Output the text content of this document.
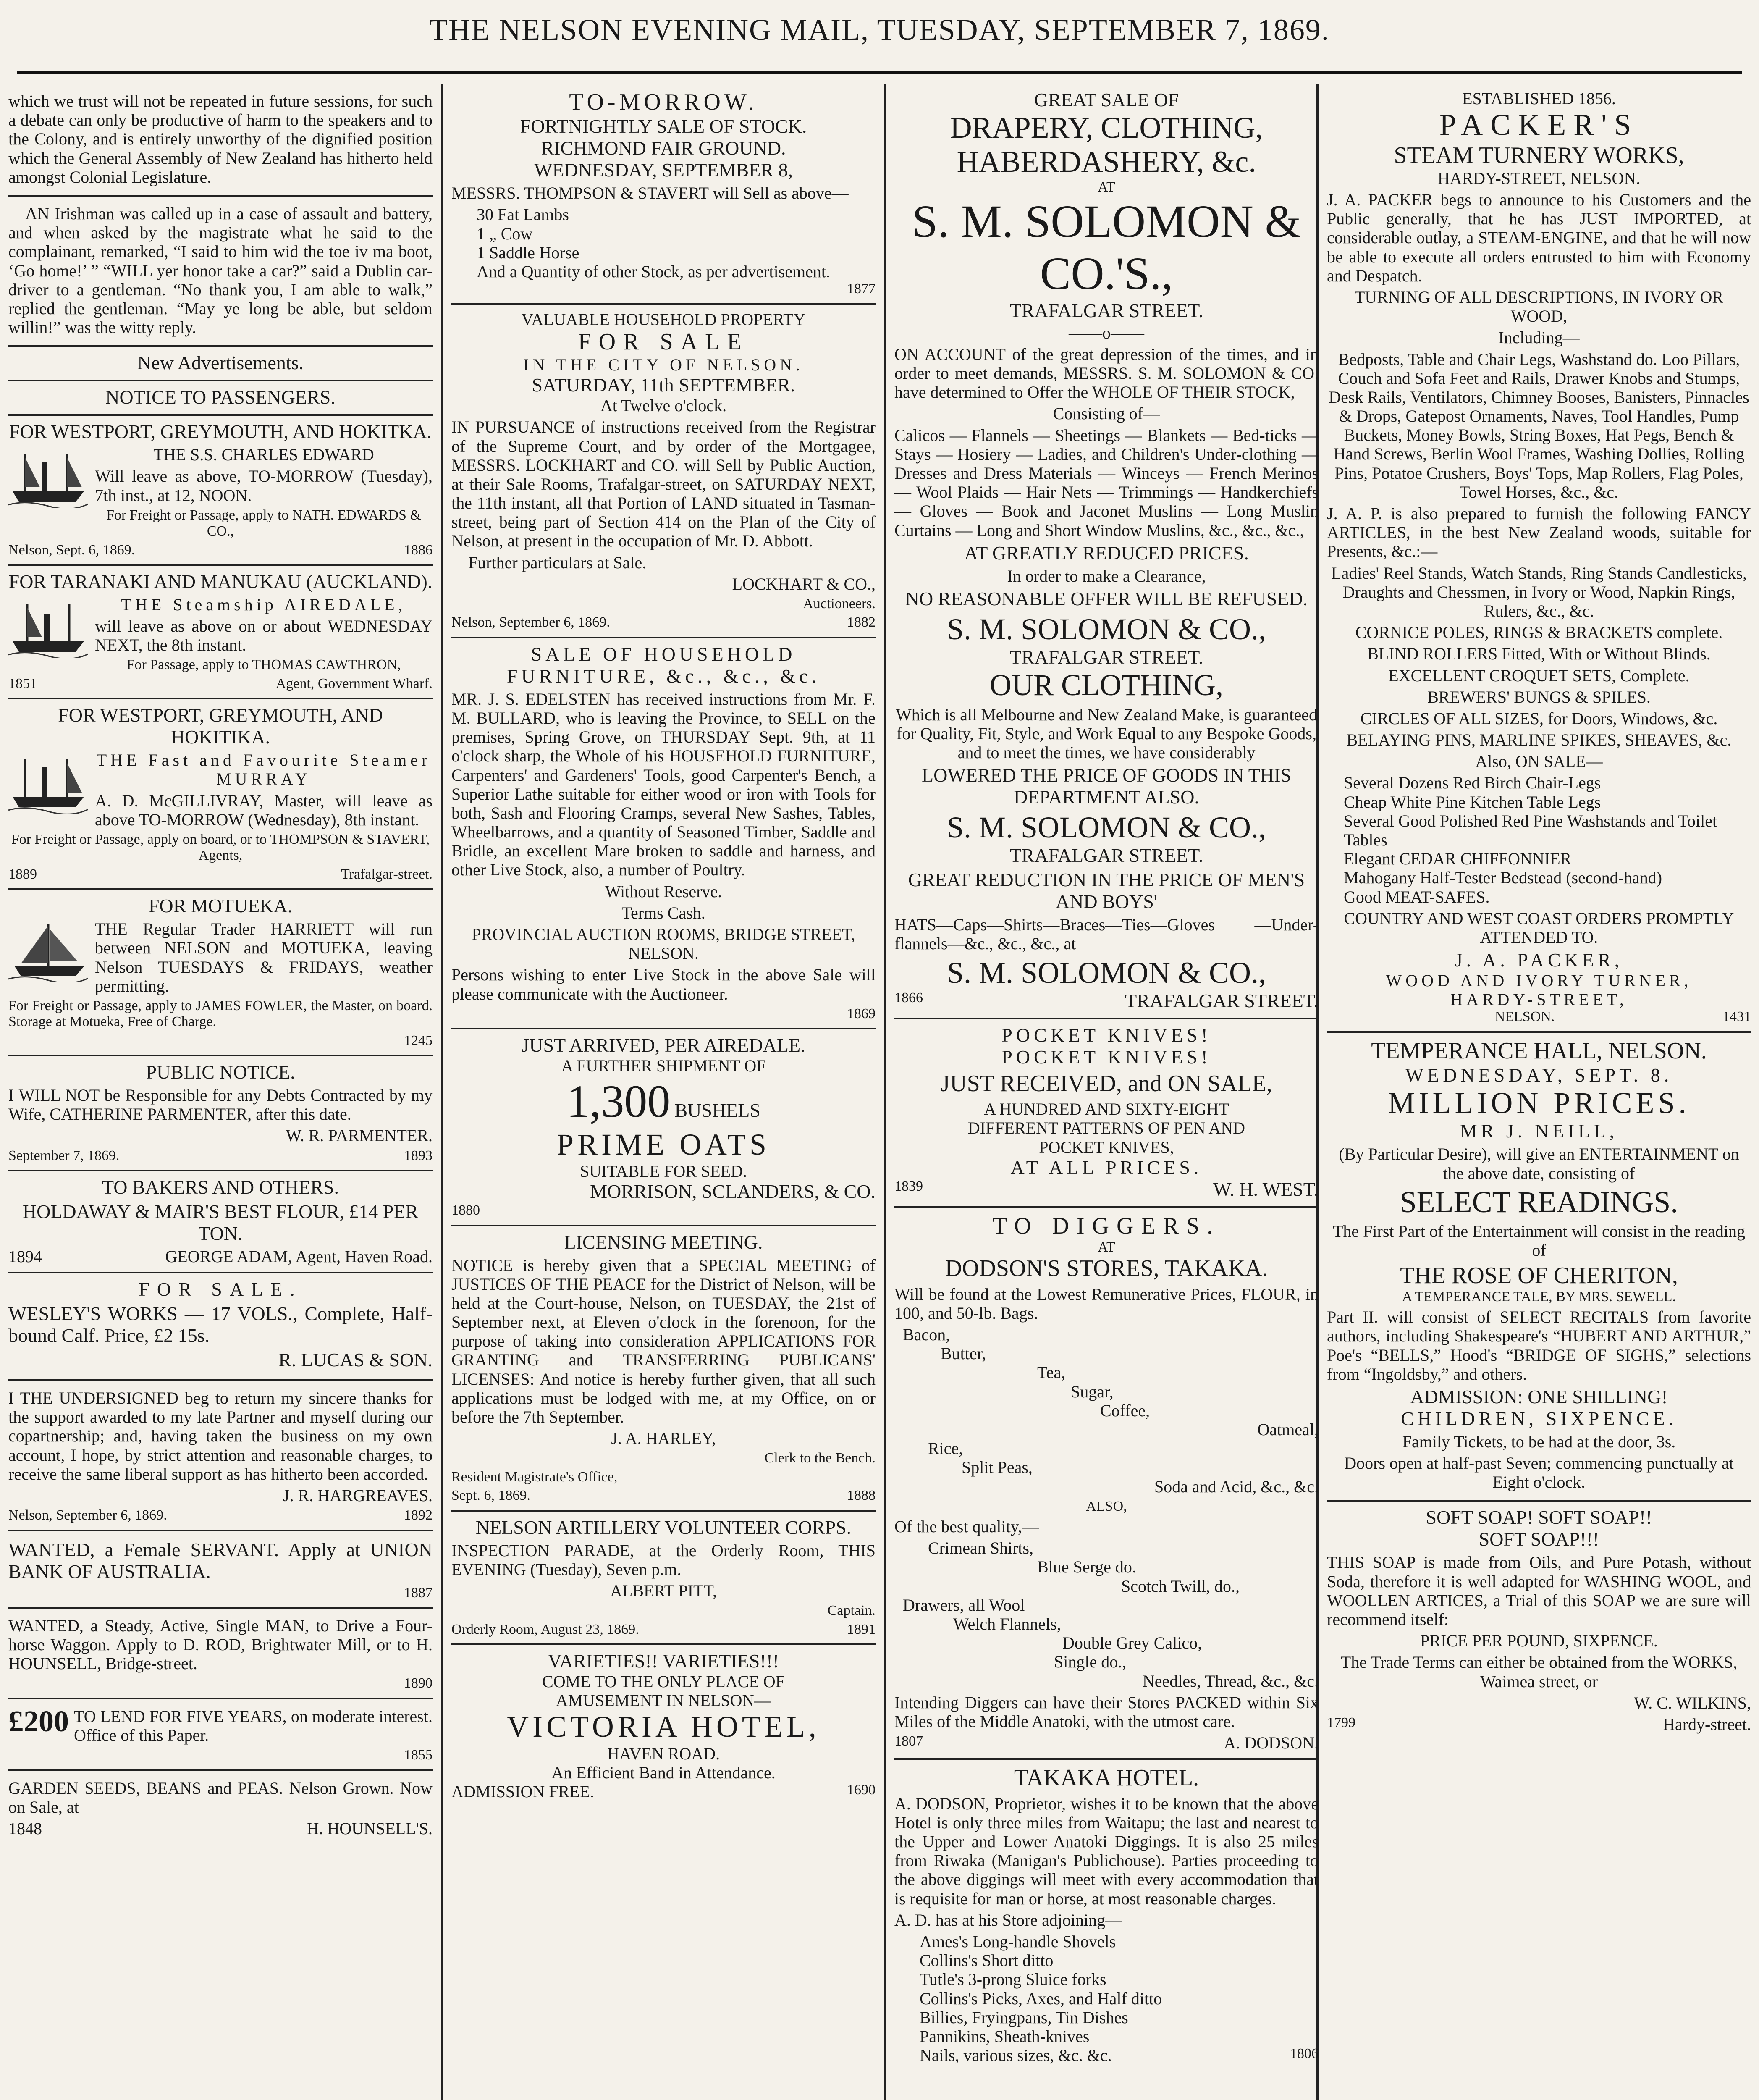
THE NELSON EVENING MAIL, TUESDAY, SEPTEMBER 7, 1869.

which we trust will not be repeated in future sessions, for such a debate can only be productive of harm to the speakers and to the Colony, and is entirely unworthy of the dignified position which the General Assembly of New Zealand has hitherto held amongst Colonial Legislature.

AN Irishman was called up in a case of assault and battery, and when asked by the magistrate what he said to the complainant, remarked, “I said to him wid the toe iv ma boot, ‘Go home!’ ” “WILL yer honor take a car?” said a Dublin car-driver to a gentleman. “No thank you, I am able to walk,” replied the gentleman. “May ye long be able, but seldom willin!” was the witty reply.

New Advertisements.
NOTICE TO PASSENGERS.
FOR WESTPORT, GREYMOUTH, AND HOKITKA.

THE S.S. CHARLES EDWARD

Will leave as above, TO-MORROW (Tuesday), 7th inst., at 12, NOON.

For Freight or Passage, apply to NATH. EDWARDS & CO.,

Nelson, Sept. 6, 1869.	1886
FOR TARANAKI AND MANUKAU (AUCKLAND).

THE Steamship AIREDALE,

will leave as above on or about WEDNESDAY NEXT, the 8th instant.

For Passage, apply to THOMAS CAWTHRON,

1851	Agent, Government Wharf.
FOR WESTPORT, GREYMOUTH, AND HOKITIKA.

THE Fast and Favourite Steamer MURRAY

A. D. McGILLIVRAY, Master, will leave as above TO-MORROW (Wednesday), 8th instant.

For Freight or Passage, apply on board, or to THOMPSON & STAVERT, Agents,

1889	Trafalgar-street.
FOR MOTUEKA.

THE Regular Trader HARRIETT will run between NELSON and MOTUEKA, leaving Nelson TUESDAYS & FRIDAYS, weather permitting.

For Freight or Passage, apply to JAMES FOWLER, the Master, on board. Storage at Motueka, Free of Charge.

1245
PUBLIC NOTICE.

I WILL NOT be Responsible for any Debts Contracted by my Wife, CATHERINE PARMENTER, after this date.

W. R. PARMENTER.

September 7, 1869.	1893
TO BAKERS AND OTHERS.

HOLDAWAY & MAIR'S BEST FLOUR, £14 PER TON.

1894	GEORGE ADAM, Agent, Haven Road.
FOR SALE.

WESLEY'S WORKS — 17 VOLS., Complete, Half-bound Calf. Price, £2 15s.

R. LUCAS & SON.

I THE UNDERSIGNED beg to return my sincere thanks for the support awarded to my late Partner and myself during our copartnership; and, having taken the business on my own account, I hope, by strict attention and reasonable charges, to receive the same liberal support as has hitherto been accorded.

J. R. HARGREAVES.

Nelson, September 6, 1869.	1892

WANTED, a Female SERVANT. Apply at UNION BANK OF AUSTRALIA.

1887

WANTED, a Steady, Active, Single MAN, to Drive a Four-horse Waggon. Apply to D. ROD, Brightwater Mill, or to H. HOUNSELL, Bridge-street.

1890
£200 TO LEND FOR FIVE YEARS, on moderate interest. Office of this Paper.

1855

GARDEN SEEDS, BEANS and PEAS. Nelson Grown. Now on Sale, at

1848	H. HOUNSELL'S.
TO-MORROW.
FORTNIGHTLY SALE OF STOCK.
RICHMOND FAIR GROUND.
WEDNESDAY, SEPTEMBER 8,

MESSRS. THOMPSON & STAVERT will Sell as above—

30 Fat Lambs
1 „ Cow
1 Saddle Horse
And a Quantity of other Stock, as per advertisement.
1877
VALUABLE HOUSEHOLD PROPERTY
FOR SALE
IN THE CITY OF NELSON.
SATURDAY, 11th SEPTEMBER.
At Twelve o'clock.

IN PURSUANCE of instructions received from the Registrar of the Supreme Court, and by order of the Mortgagee, MESSRS. LOCKHART and CO. will Sell by Public Auction, at their Sale Rooms, Trafalgar-street, on SATURDAY NEXT, the 11th instant, all that Portion of LAND situated in Tasman-street, being part of Section 414 on the Plan of the City of Nelson, at present in the occupation of Mr. D. Abbott.

Further particulars at Sale.

LOCKHART & CO.,

Auctioneers.

Nelson, September 6, 1869.	1882
SALE OF HOUSEHOLD FURNITURE, &c., &c., &c.

MR. J. S. EDELSTEN has received instructions from Mr. F. M. BULLARD, who is leaving the Province, to SELL on the premises, Spring Grove, on THURSDAY Sept. 9th, at 11 o'clock sharp, the Whole of his HOUSEHOLD FURNITURE, Carpenters' and Gardeners' Tools, good Carpenter's Bench, a Superior Lathe suitable for either wood or iron with Tools for both, Sash and Flooring Cramps, several New Sashes, Tables, Wheelbarrows, and a quantity of Seasoned Timber, Saddle and Bridle, an excellent Mare broken to saddle and harness, and other Live Stock, also, a number of Poultry.

Without Reserve.

Terms Cash.

PROVINCIAL AUCTION ROOMS, BRIDGE STREET, NELSON.

Persons wishing to enter Live Stock in the above Sale will please communicate with the Auctioneer.

1869
JUST ARRIVED, PER AIREDALE.
A FURTHER SHIPMENT OF
1,300 BUSHELS
PRIME OATS
SUITABLE FOR SEED.
MORRISON, SCLANDERS, & CO.
1880
LICENSING MEETING.

NOTICE is hereby given that a SPECIAL MEETING of JUSTICES OF THE PEACE for the District of Nelson, will be held at the Court-house, Nelson, on TUESDAY, the 21st of September next, at Eleven o'clock in the forenoon, for the purpose of taking into consideration APPLICATIONS FOR GRANTING and TRANSFERRING PUBLICANS' LICENSES: And notice is hereby further given, that all such applications must be lodged with me, at my Office, on or before the 7th September.

J. A. HARLEY,

Clerk to the Bench.

Resident Magistrate's Office,

Sept. 6, 1869.	1888
NELSON ARTILLERY VOLUNTEER CORPS.

INSPECTION PARADE, at the Orderly Room, THIS EVENING (Tuesday), Seven p.m.

ALBERT PITT,

Captain.

Orderly Room, August 23, 1869.	1891
VARIETIES!! VARIETIES!!!
COME TO THE ONLY PLACE OF
AMUSEMENT IN NELSON—
VICTORIA HOTEL,
HAVEN ROAD.
An Efficient Band in Attendance.
ADMISSION FREE.	1690
GREAT SALE OF
DRAPERY, CLOTHING,
HABERDASHERY, &c.
AT
S. M. SOLOMON & CO.'S.,
TRAFALGAR STREET.
——o——

ON ACCOUNT of the great depression of the times, and in order to meet demands, MESSRS. S. M. SOLOMON & CO. have determined to Offer the WHOLE OF THEIR STOCK,

Consisting of—

Calicos — Flannels — Sheetings — Blankets — Bed-ticks — Stays — Hosiery — Ladies, and Children's Under-clothing — Dresses and Dress Materials — Winceys — French Merinos — Wool Plaids — Hair Nets — Trimmings — Handkerchiefs — Gloves — Book and Jaconet Muslins — Long Muslin Curtains — Long and Short Window Muslins, &c., &c., &c.,

AT GREATLY REDUCED PRICES.

In order to make a Clearance,

NO REASONABLE OFFER WILL BE REFUSED.

S. M. SOLOMON & CO.,
TRAFALGAR STREET.
OUR CLOTHING,

Which is all Melbourne and New Zealand Make, is guaranteed for Quality, Fit, Style, and Work Equal to any Bespoke Goods, and to meet the times, we have considerably

LOWERED THE PRICE OF GOODS IN THIS DEPARTMENT ALSO.

S. M. SOLOMON & CO.,
TRAFALGAR STREET.

GREAT REDUCTION IN THE PRICE OF MEN'S AND BOYS'

HATS—Caps—Shirts—Braces—Ties—Gloves —Under-flannels—&c., &c., &c., at

S. M. SOLOMON & CO.,
1866	TRAFALGAR STREET.
POCKET KNIVES!
POCKET KNIVES!

JUST RECEIVED, and ON SALE,

A HUNDRED AND SIXTY-EIGHT
DIFFERENT PATTERNS OF PEN AND
POCKET KNIVES,
AT ALL PRICES.
1839	W. H. WEST.
TO DIGGERS.
AT
DODSON'S STORES, TAKAKA.

Will be found at the Lowest Remunerative Prices, FLOUR, in 100, and 50-lb. Bags.

Bacon,
Butter,
Tea,
Sugar,
Coffee,
Oatmeal,
Rice,
Split Peas,
Soda and Acid, &c., &c.

ALSO,

Of the best quality,—

Crimean Shirts,
Blue Serge do.
Scotch Twill, do.,
Drawers, all Wool
Welch Flannels,
Double Grey Calico,
Single do.,
Needles, Thread, &c., &c.

Intending Diggers can have their Stores PACKED within Six Miles of the Middle Anatoki, with the utmost care.

1807	A. DODSON.
TAKAKA HOTEL.

A. DODSON, Proprietor, wishes it to be known that the above Hotel is only three miles from Waitapu; the last and nearest to the Upper and Lower Anatoki Diggings. It is also 25 miles from Riwaka (Manigan's Publichouse). Parties proceeding to the above diggings will meet with every accommodation that is requisite for man or horse, at most reasonable charges.

A. D. has at his Store adjoining—

Ames's Long-handle Shovels
Collins's Short ditto
Tutle's 3-prong Sluice forks
Collins's Picks, Axes, and Half ditto
Billies, Fryingpans, Tin Dishes
Pannikins, Sheath-knives
Nails, various sizes, &c. &c.	1806
ESTABLISHED 1856.
PACKER'S
STEAM TURNERY WORKS,
HARDY-STREET, NELSON.

J. A. PACKER begs to announce to his Customers and the Public generally, that he has JUST IMPORTED, at considerable outlay, a STEAM-ENGINE, and that he will now be able to execute all orders entrusted to him with Economy and Despatch.

TURNING OF ALL DESCRIPTIONS, IN IVORY OR WOOD,

Including—

Bedposts, Table and Chair Legs, Washstand do. Loo Pillars, Couch and Sofa Feet and Rails, Drawer Knobs and Stumps, Desk Rails, Ventilators, Chimney Booses, Banisters, Pinnacles & Drops, Gatepost Ornaments, Naves, Tool Handles, Pump Buckets, Money Bowls, String Boxes, Hat Pegs, Bench & Hand Screws, Berlin Wool Frames, Washing Dollies, Rolling Pins, Potatoe Crushers, Boys' Tops, Map Rollers, Flag Poles, Towel Horses, &c., &c.

J. A. P. is also prepared to furnish the following FANCY ARTICLES, in the best New Zealand woods, suitable for Presents, &c.:—

Ladies' Reel Stands, Watch Stands, Ring Stands Candlesticks, Draughts and Chessmen, in Ivory or Wood, Napkin Rings, Rulers, &c., &c.

CORNICE POLES, RINGS & BRACKETS complete.

BLIND ROLLERS Fitted, With or Without Blinds.

EXCELLENT CROQUET SETS, Complete.

BREWERS' BUNGS & SPILES.

CIRCLES OF ALL SIZES, for Doors, Windows, &c.

BELAYING PINS, MARLINE SPIKES, SHEAVES, &c.

Also, ON SALE—

Several Dozens Red Birch Chair-Legs
Cheap White Pine Kitchen Table Legs
Several Good Polished Red Pine Washstands and Toilet Tables
Elegant CEDAR CHIFFONNIER
Mahogany Half-Tester Bedstead (second-hand)
Good MEAT-SAFES.

COUNTRY AND WEST COAST ORDERS PROMPTLY ATTENDED TO.

J. A. PACKER,
WOOD AND IVORY TURNER,
HARDY-STREET,
NELSON.	1431
TEMPERANCE HALL, NELSON.
WEDNESDAY, SEPT. 8.
MILLION PRICES.
MR J. NEILL,

(By Particular Desire), will give an ENTERTAINMENT on the above date, consisting of

SELECT READINGS.

The First Part of the Entertainment will consist in the reading of

THE ROSE OF CHERITON,
A TEMPERANCE TALE, BY MRS. SEWELL.

Part II. will consist of SELECT RECITALS from favorite authors, including Shakespeare's “HUBERT AND ARTHUR,” Poe's “BELLS,” Hood's “BRIDGE OF SIGHS,” selections from “Ingoldsby,” and others.

ADMISSION: ONE SHILLING!
CHILDREN, SIXPENCE.

Family Tickets, to be had at the door, 3s.

Doors open at half-past Seven; commencing punctually at Eight o'clock.

SOFT SOAP! SOFT SOAP!!
SOFT SOAP!!!

THIS SOAP is made from Oils, and Pure Potash, without Soda, therefore it is well adapted for WASHING WOOL, and WOOLLEN ARTICES, a Trial of this SOAP we are sure will recommend itself:

PRICE PER POUND, SIXPENCE.

The Trade Terms can either be obtained from the WORKS, Waimea street, or

W. C. WILKINS,

1799	Hardy-street.
